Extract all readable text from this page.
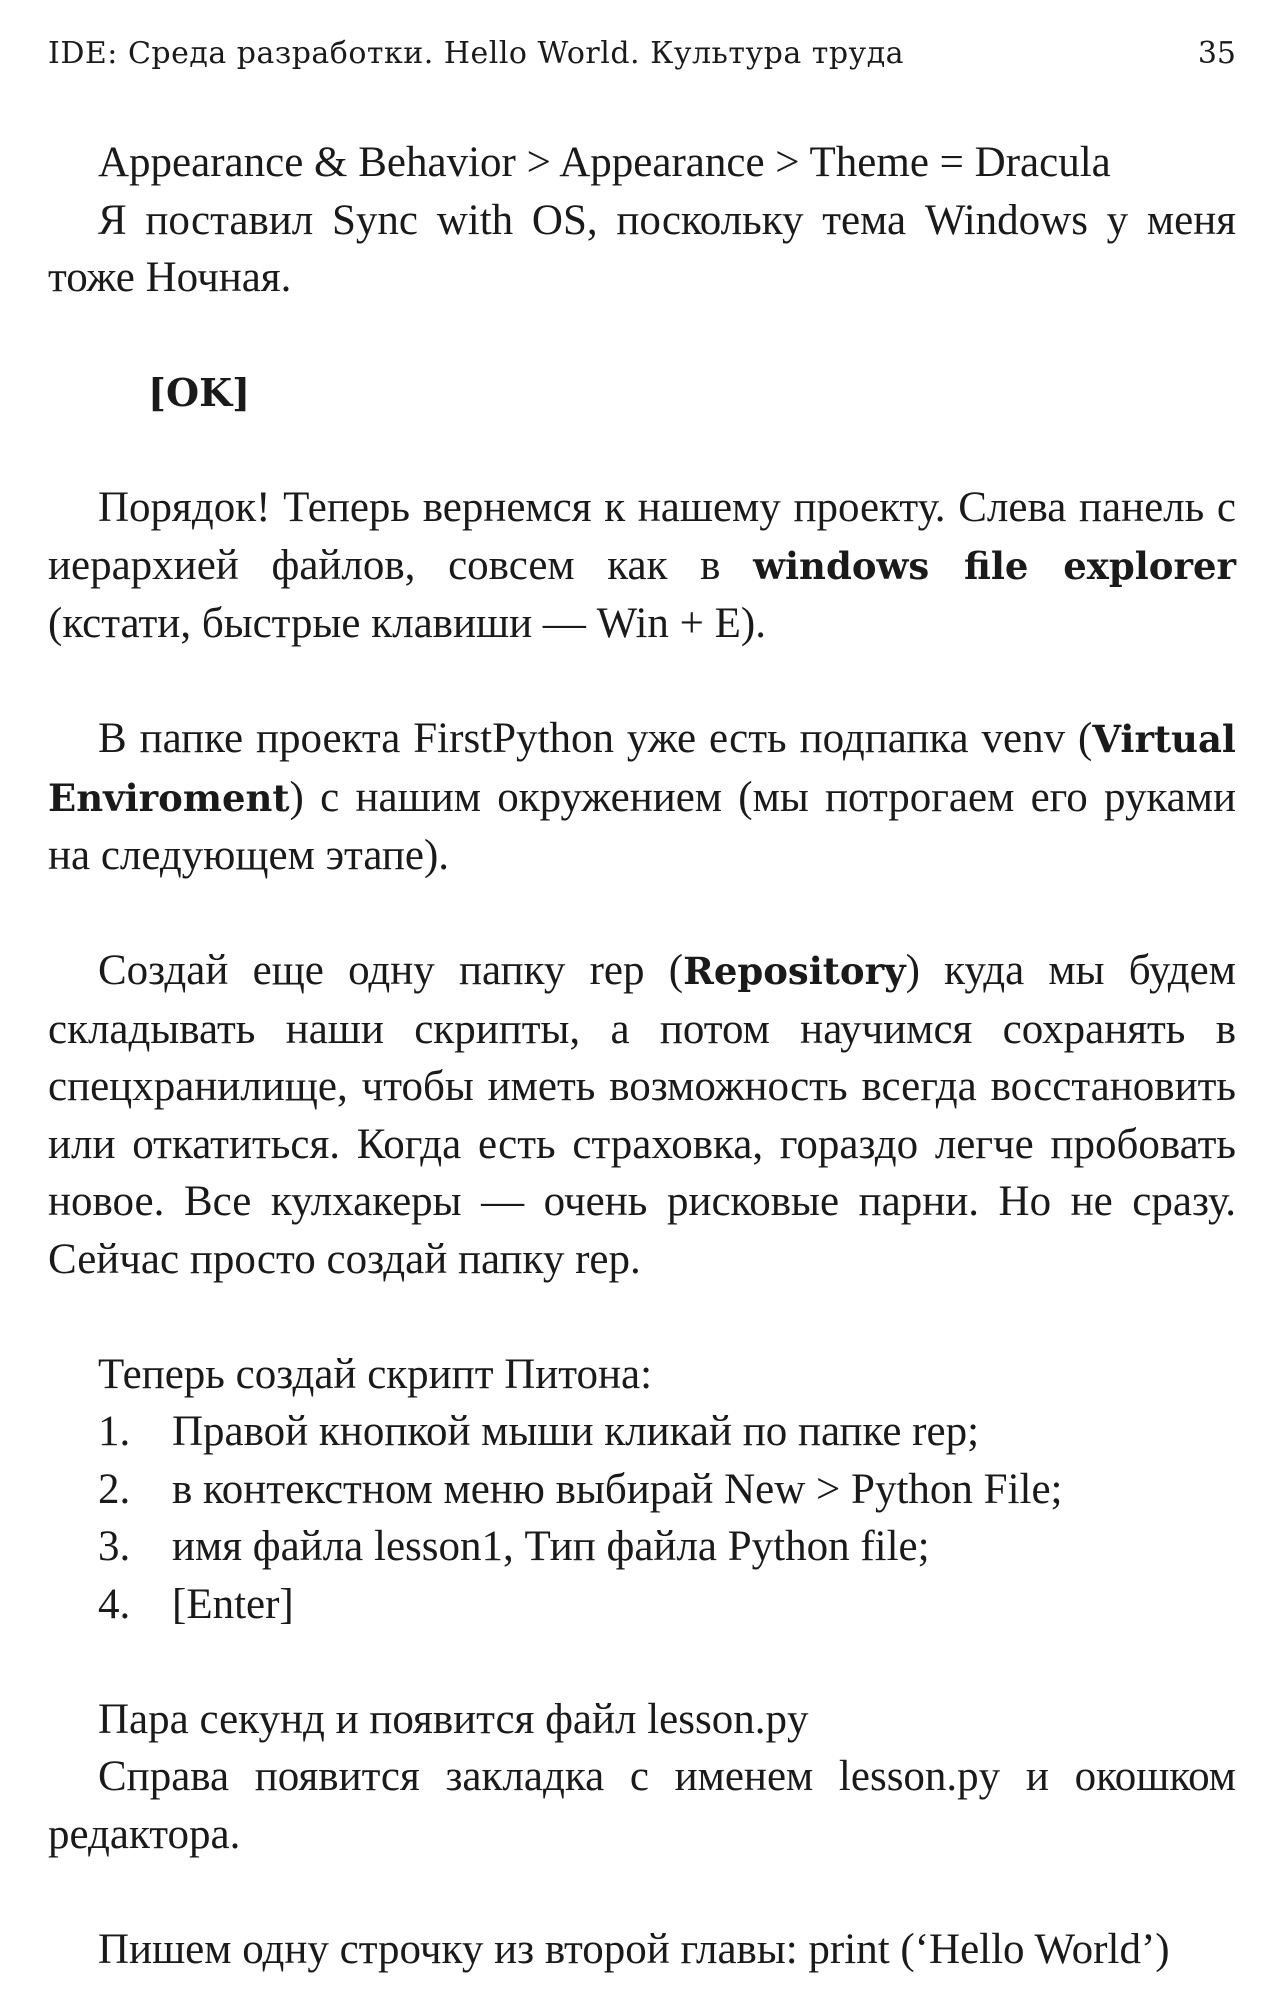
IDE: Среда разработки. Hello World. Культура труда	35

Appearance & Behavior > Appearance > Theme = Dracula

Я поставил Sync with OS, поскольку тема Windows у меня тоже Ночная.

[OK]

Порядок! Теперь вернемся к нашему проекту. Слева панель с иерархией файлов, совсем как в windows file explorer (кстати, быстрые клавиши — Win + E).

В папке проекта FirstPython уже есть подпапка venv (Virtual Enviroment) с нашим окружением (мы потрогаем его руками на следующем этапе).

Создай еще одну папку rep (Repository) куда мы будем складывать наши скрипты, а потом научимся сохранять в спецхранилище, чтобы иметь возможность всегда восстановить или откатиться. Когда есть страховка, гораздо легче пробовать новое. Все кулхакеры — очень рисковые парни. Но не сразу. Сейчас просто создай папку rep.

Теперь создай скрипт Питона:

1. Правой кнопкой мыши кликай по папке rep;
2. в контекстном меню выбирай New > Python File;
3. имя файла lesson1, Тип файла Python file;
4. [Enter]

Пара секунд и появится файл lesson.py

Справа появится закладка с именем lesson.py и окошком редактора.

Пишем одну строчку из второй главы: print (‘Hello World’)
